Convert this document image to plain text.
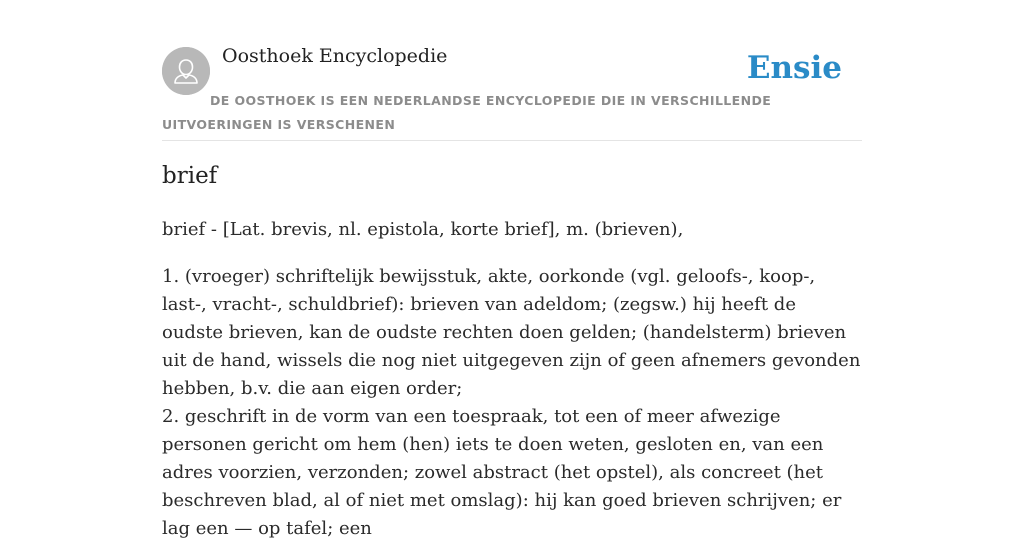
Oosthoek Encyclopedie	Ensie
DE OOSTHOEK IS EEN NEDERLANDSE ENCYCLOPEDIE DIE IN VERSCHILLENDE UITVOERINGEN IS VERSCHENEN
brief

brief - [Lat. brevis, nl. epistola, korte brief], m. (brieven),

1. (vroeger) schriftelijk bewijsstuk, akte, oorkonde (vgl. geloofs-, koop-, last-, vracht-, schuldbrief): brieven van adeldom; (zegsw.) hij heeft de oudste brieven, kan de oudste rechten doen gelden; (handelsterm) brieven uit de hand, wissels die nog niet uitgegeven zijn of geen afnemers gevonden hebben, b.v. die aan eigen order;

2. geschrift in de vorm van een toespraak, tot een of meer afwezige personen gericht om hem (hen) iets te doen weten, gesloten en, van een adres voorzien, verzonden; zowel abstract (het opstel), als concreet (het beschreven blad, al of niet met omslag): hij kan goed brieven schrijven; er lag een — op tafel; een
